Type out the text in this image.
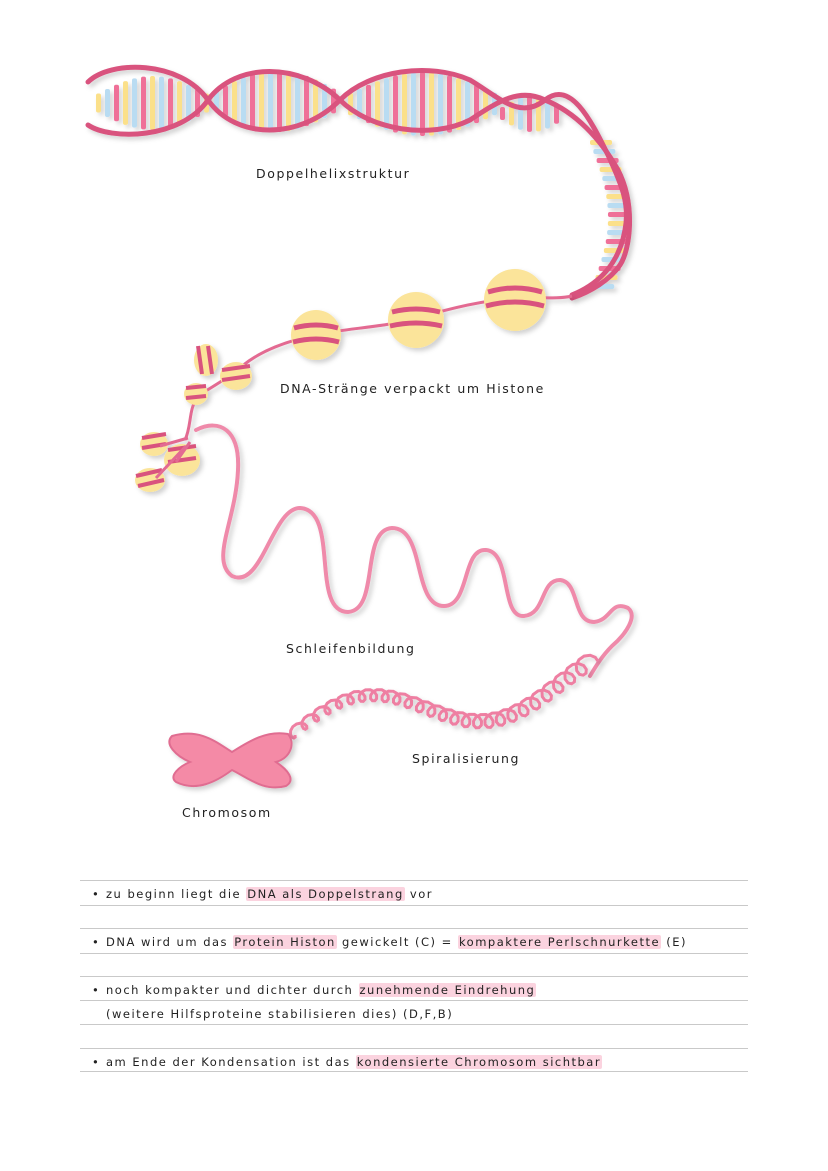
Doppelhelixstruktur
DNA-Stränge verpackt um Histone
Schleifenbildung
Spiralisierung
Chromosom
• zu beginn liegt die DNA als Doppelstrang vor
• DNA wird um das Protein Histon gewickelt (C) = kompaktere Perlschnurkette (E)
• noch kompakter und dichter durch zunehmende Eindrehung
(weitere Hilfsproteine stabilisieren dies) (D,F,B)
• am Ende der Kondensation ist das kondensierte Chromosom sichtbar
